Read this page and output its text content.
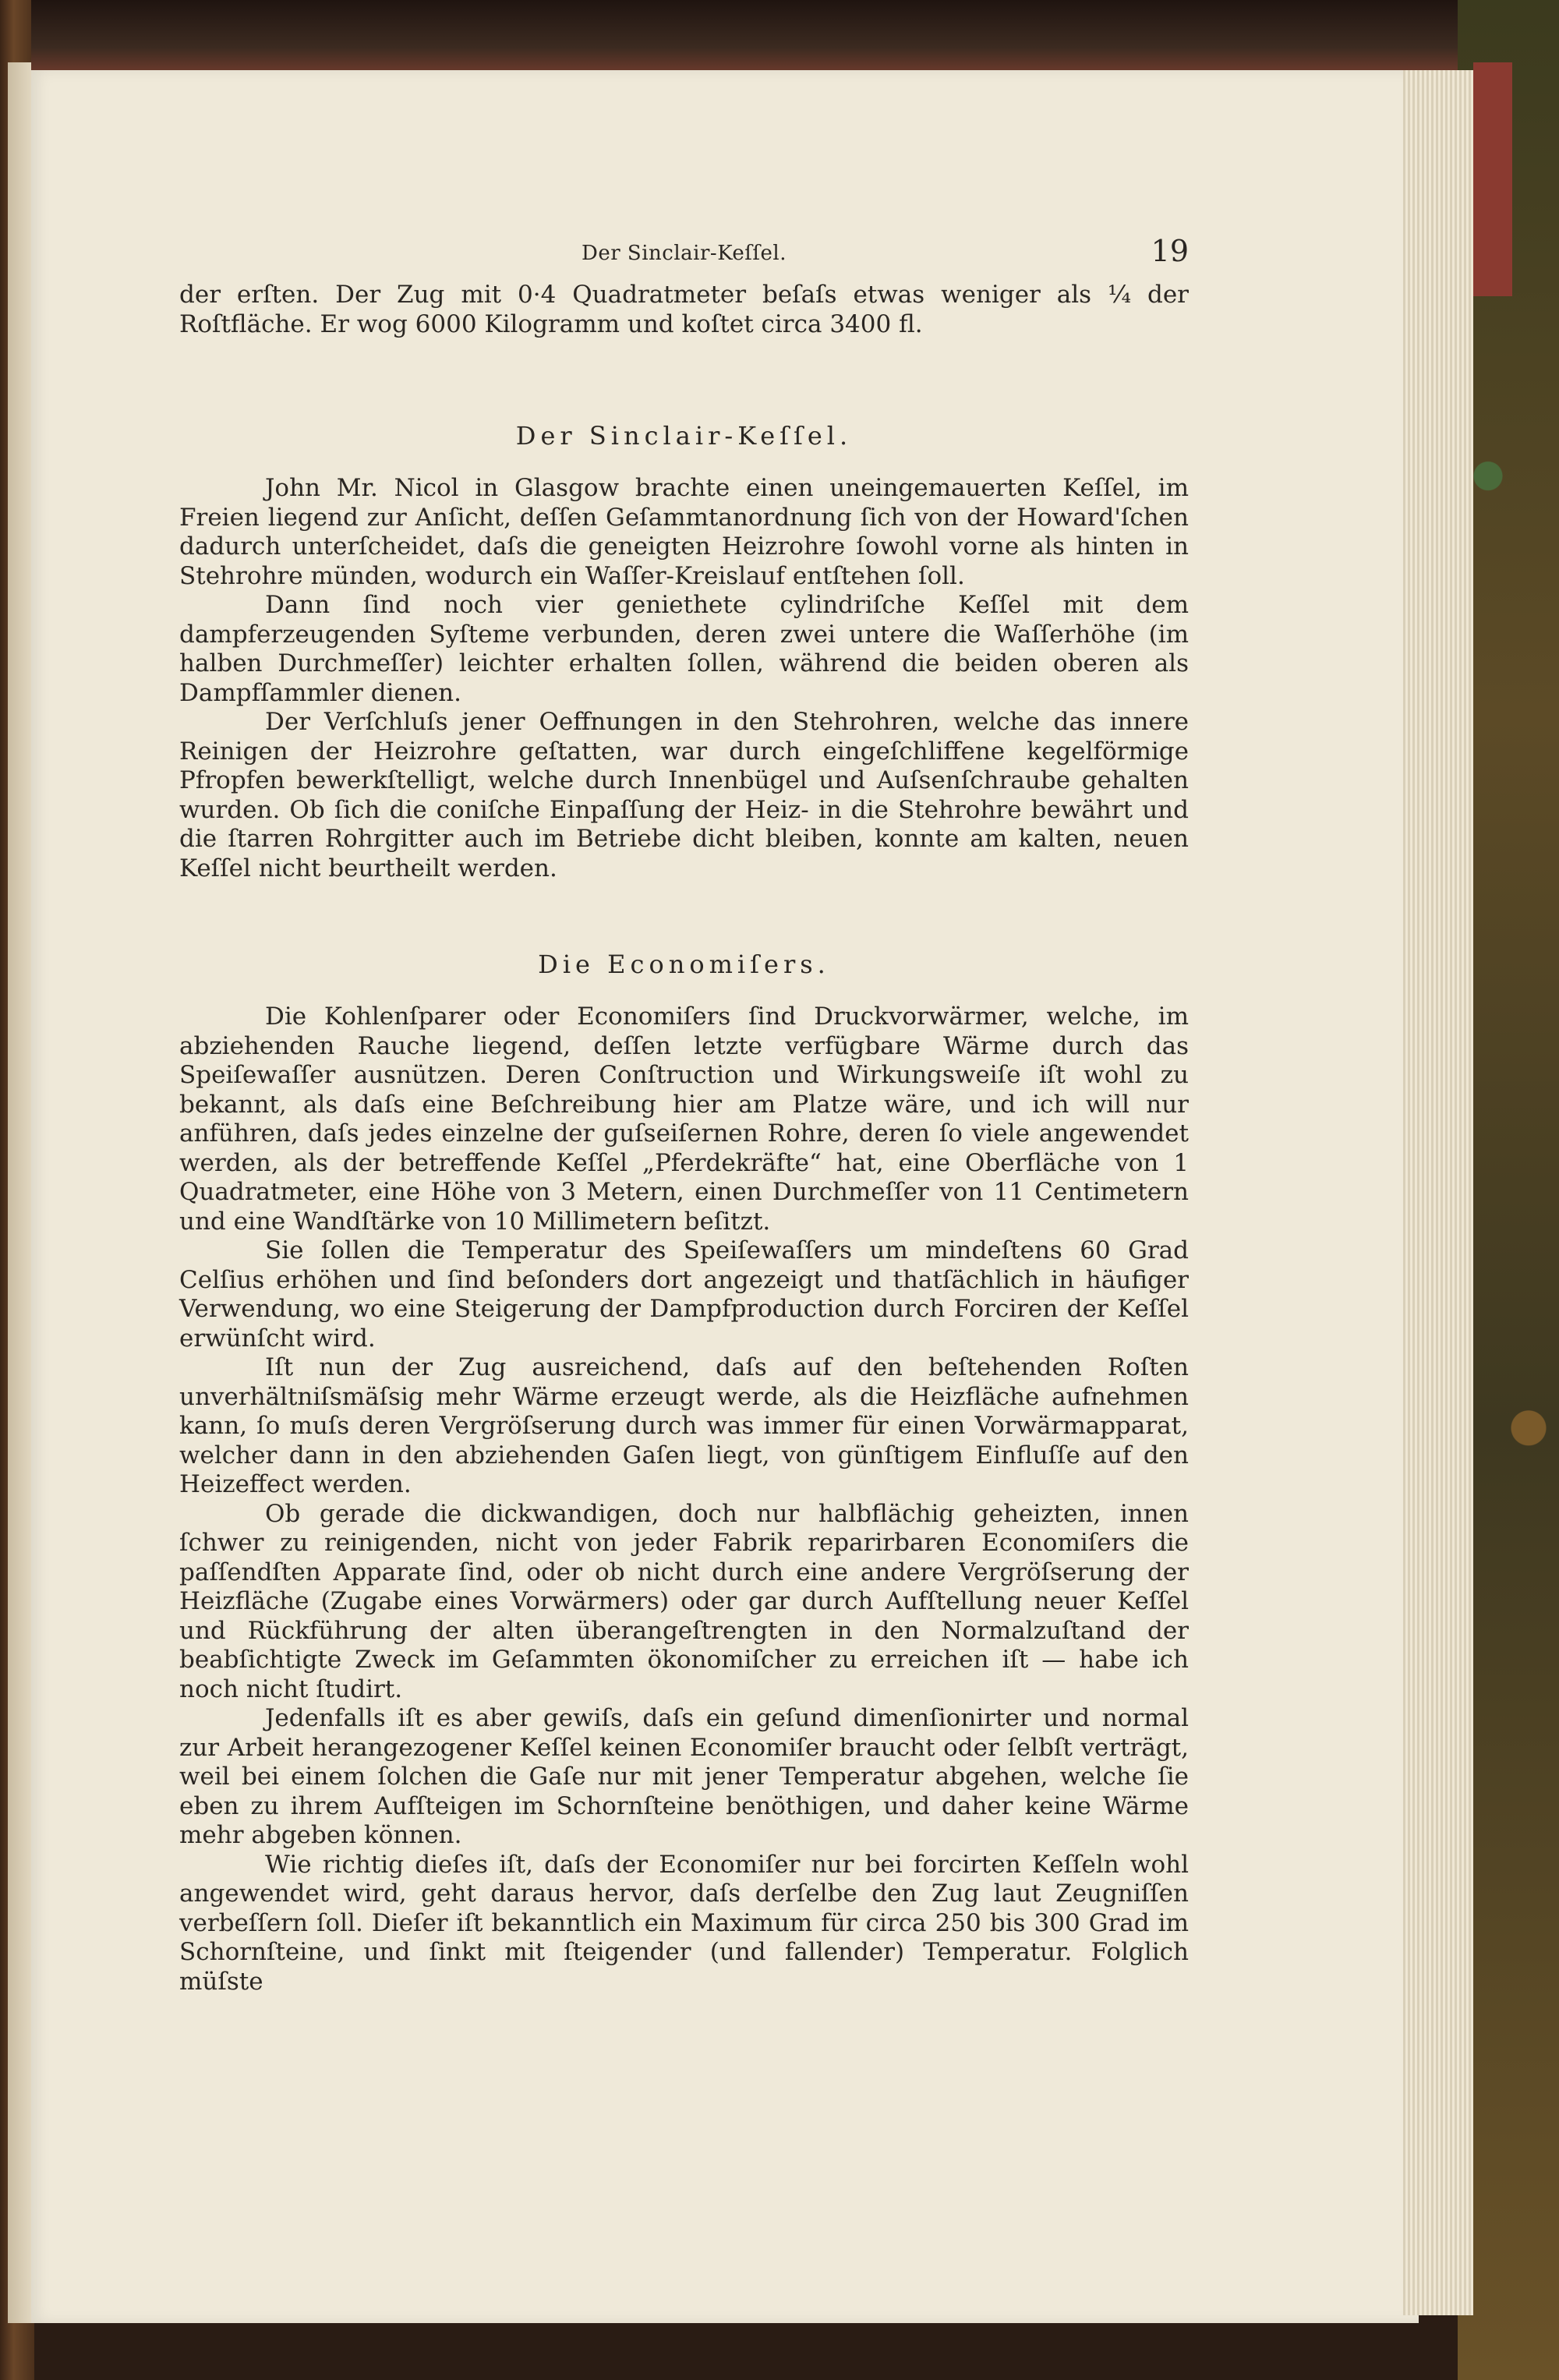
Der Sinclair-Keſſel.	19

der erſten. Der Zug mit 0·4 Quadratmeter beſaſs etwas weniger als ¼ der Roſtfläche. Er wog 6000 Kilogramm und koſtet circa 3400 fl.

Der Sinclair-Keſſel.

John Mr. Nicol in Glasgow brachte einen uneingemauerten Keſſel, im Freien liegend zur Anſicht, deſſen Geſammtanordnung ſich von der Howard'ſchen dadurch unterſcheidet, daſs die geneigten Heizrohre ſowohl vorne als hinten in Stehrohre münden, wodurch ein Waſſer-Kreislauf entſtehen ſoll.

Dann ſind noch vier geniethete cylindriſche Keſſel mit dem dampferzeugenden Syſteme verbunden, deren zwei untere die Waſſerhöhe (im halben Durchmeſſer) leichter erhalten ſollen, während die beiden oberen als Dampfſammler dienen.

Der Verſchluſs jener Oeffnungen in den Stehrohren, welche das innere Reinigen der Heizrohre geſtatten, war durch eingeſchliffene kegelförmige Pfropfen bewerkſtelligt, welche durch Innenbügel und Auſsenſchraube gehalten wurden. Ob ſich die coniſche Einpaſſung der Heiz- in die Stehrohre bewährt und die ſtarren Rohrgitter auch im Betriebe dicht bleiben, konnte am kalten, neuen Keſſel nicht beurtheilt werden.

Die Economiſers.

Die Kohlenſparer oder Economiſers ſind Druckvorwärmer, welche, im abziehenden Rauche liegend, deſſen letzte verfügbare Wärme durch das Speiſewaſſer ausnützen. Deren Conſtruction und Wirkungsweiſe iſt wohl zu bekannt, als daſs eine Beſchreibung hier am Platze wäre, und ich will nur anführen, daſs jedes einzelne der guſseiſernen Rohre, deren ſo viele angewendet werden, als der betreffende Keſſel „Pferdekräfte“ hat, eine Oberfläche von 1 Quadratmeter, eine Höhe von 3 Metern, einen Durchmeſſer von 11 Centimetern und eine Wandſtärke von 10 Millimetern beſitzt.

Sie ſollen die Temperatur des Speiſewaſſers um mindeſtens 60 Grad Celſius erhöhen und ſind beſonders dort angezeigt und thatſächlich in häufiger Verwendung, wo eine Steigerung der Dampfproduction durch Forciren der Keſſel erwünſcht wird.

Iſt nun der Zug ausreichend, daſs auf den beſtehenden Roſten unverhältniſsmäſsig mehr Wärme erzeugt werde, als die Heizfläche aufnehmen kann, ſo muſs deren Vergröſserung durch was immer für einen Vorwärmapparat, welcher dann in den abziehenden Gaſen liegt, von günſtigem Einfluſſe auf den Heizeffect werden.

Ob gerade die dickwandigen, doch nur halbflächig geheizten, innen ſchwer zu reinigenden, nicht von jeder Fabrik reparirbaren Economiſers die paſſendſten Apparate ſind, oder ob nicht durch eine andere Vergröſserung der Heizfläche (Zugabe eines Vorwärmers) oder gar durch Aufſtellung neuer Keſſel und Rückführung der alten überangeſtrengten in den Normalzuſtand der beabſichtigte Zweck im Geſammten ökonomiſcher zu erreichen iſt — habe ich noch nicht ſtudirt.

Jedenfalls iſt es aber gewiſs, daſs ein geſund dimenſionirter und normal zur Arbeit herangezogener Keſſel keinen Economiſer braucht oder ſelbſt verträgt, weil bei einem ſolchen die Gaſe nur mit jener Temperatur abgehen, welche ſie eben zu ihrem Aufſteigen im Schornſteine benöthigen, und daher keine Wärme mehr abgeben können.

Wie richtig dieſes iſt, daſs der Economiſer nur bei forcirten Keſſeln wohl angewendet wird, geht daraus hervor, daſs derſelbe den Zug laut Zeugniſſen verbeſſern ſoll. Dieſer iſt bekanntlich ein Maximum für circa 250 bis 300 Grad im Schornſteine, und ſinkt mit ſteigender (und fallender) Temperatur. Folglich müſste
